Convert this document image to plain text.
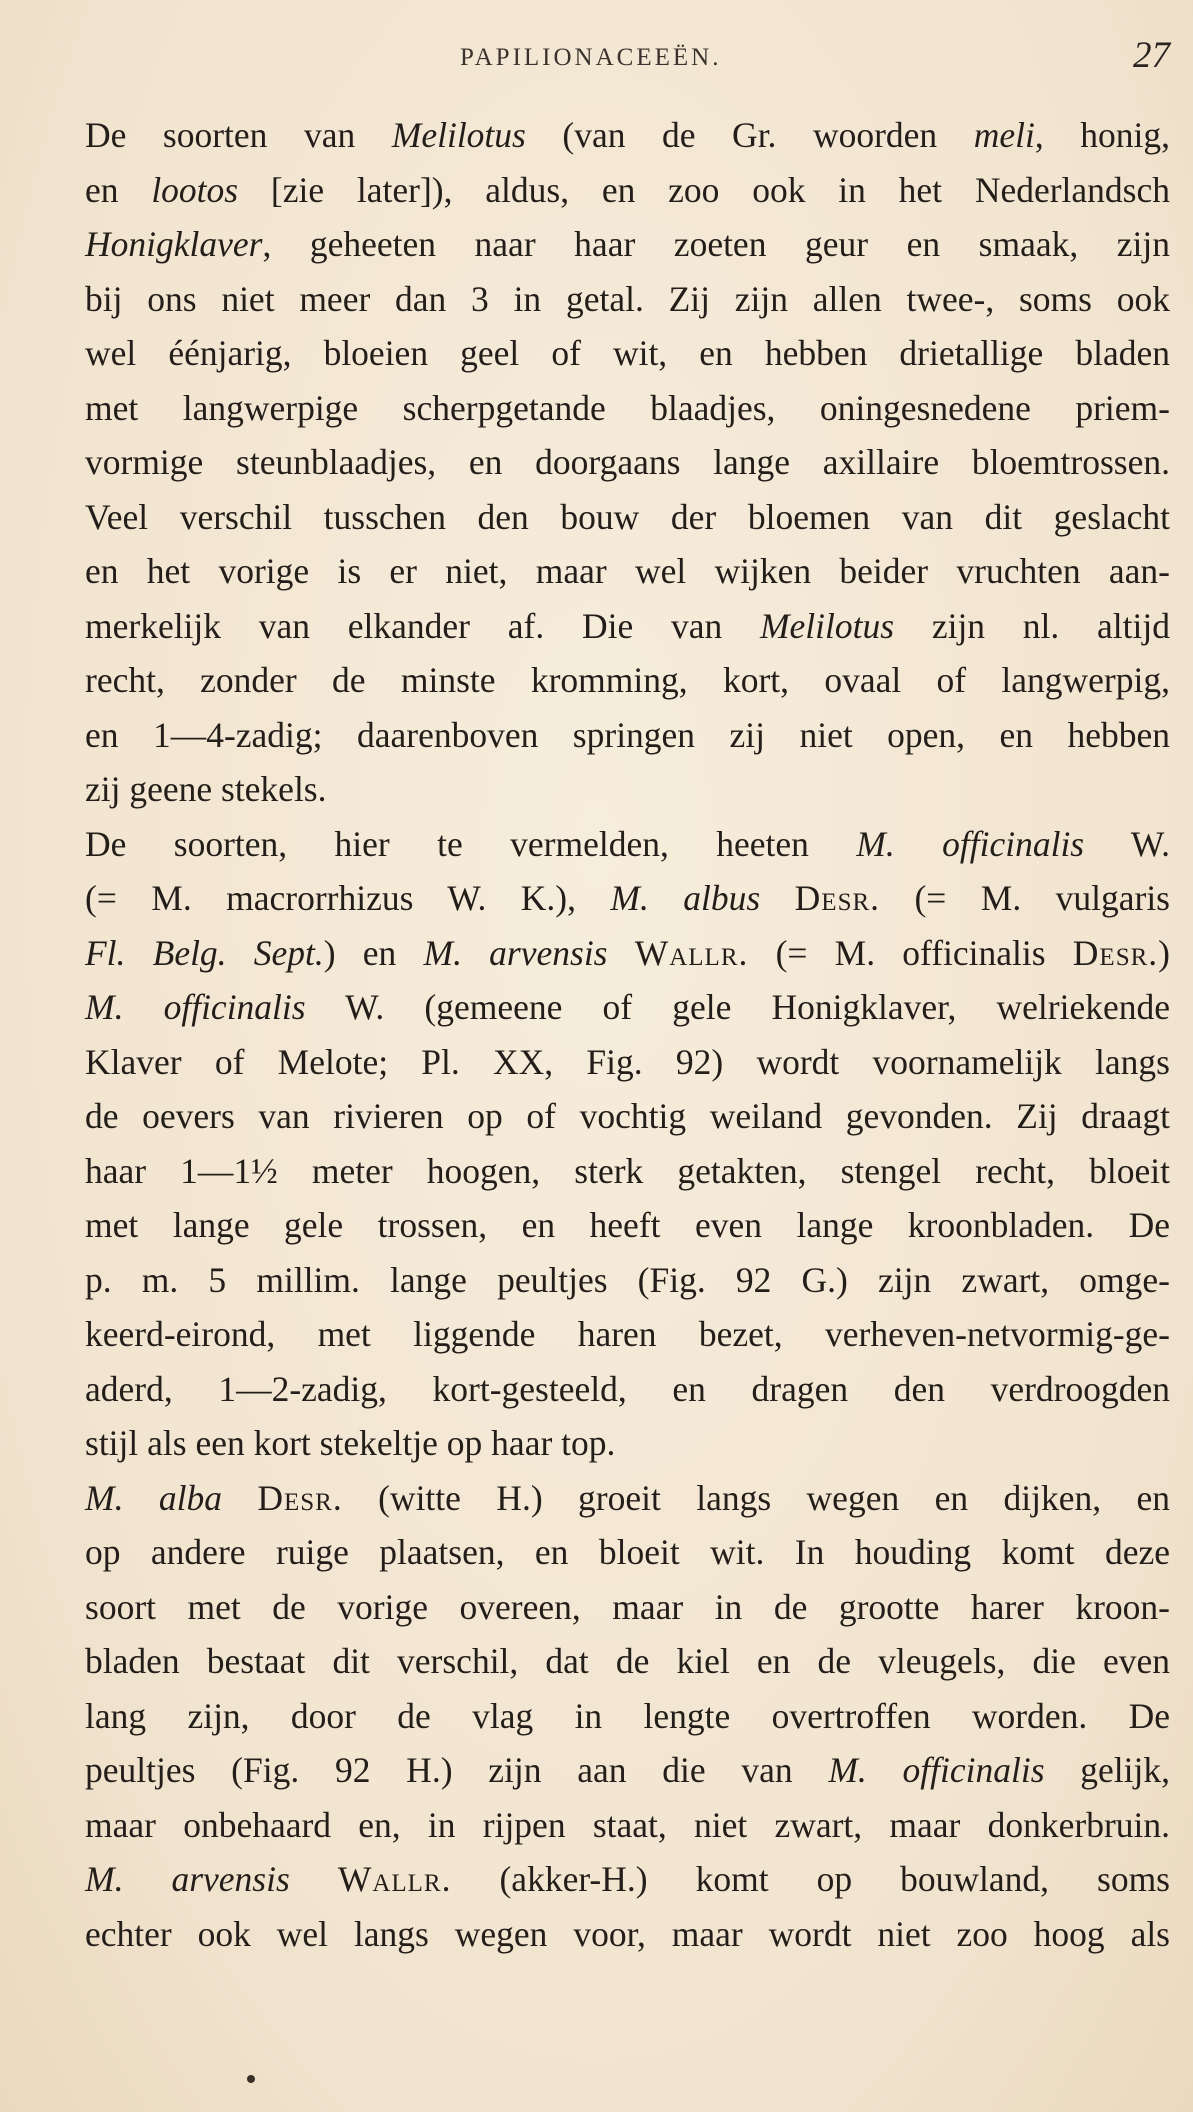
PAPILIONACEEËN.	27
De soorten van Melilotus (van de Gr. woorden meli, honig,
en lootos [zie later]), aldus, en zoo ook in het Nederlandsch
Honigklaver, geheeten naar haar zoeten geur en smaak, zijn
bij ons niet meer dan 3 in getal. Zij zijn allen twee-, soms ook
wel éénjarig, bloeien geel of wit, en hebben drietallige bladen
met langwerpige scherpgetande blaadjes, oningesnedene priem-
vormige steunblaadjes, en doorgaans lange axillaire bloemtrossen.
Veel verschil tusschen den bouw der bloemen van dit geslacht
en het vorige is er niet, maar wel wijken beider vruchten aan-
merkelijk van elkander af. Die van Melilotus zijn nl. altijd
recht, zonder de minste kromming, kort, ovaal of langwerpig,
en 1—4-zadig; daarenboven springen zij niet open, en hebben
zij geene stekels.
De soorten, hier te vermelden, heeten M. officinalis W.
(= M. macrorrhizus W. K.), M. albus Desr. (= M. vulgaris
Fl. Belg. Sept.) en M. arvensis Wallr. (= M. officinalis Desr.)
M. officinalis W. (gemeene of gele Honigklaver, welriekende
Klaver of Melote; Pl. XX, Fig. 92) wordt voornamelijk langs
de oevers van rivieren op of vochtig weiland gevonden. Zij draagt
haar 1—1½ meter hoogen, sterk getakten, stengel recht, bloeit
met lange gele trossen, en heeft even lange kroonbladen. De
p. m. 5 millim. lange peultjes (Fig. 92 G.) zijn zwart, omge-
keerd-eirond, met liggende haren bezet, verheven-netvormig-ge-
aderd, 1—2-zadig, kort-gesteeld, en dragen den verdroogden
stijl als een kort stekeltje op haar top.
M. alba Desr. (witte H.) groeit langs wegen en dijken, en
op andere ruige plaatsen, en bloeit wit. In houding komt deze
soort met de vorige overeen, maar in de grootte harer kroon-
bladen bestaat dit verschil, dat de kiel en de vleugels, die even
lang zijn, door de vlag in lengte overtroffen worden. De
peultjes (Fig. 92 H.) zijn aan die van M. officinalis gelijk,
maar onbehaard en, in rijpen staat, niet zwart, maar donkerbruin.
M. arvensis Wallr. (akker-H.) komt op bouwland, soms
echter ook wel langs wegen voor, maar wordt niet zoo hoog als
